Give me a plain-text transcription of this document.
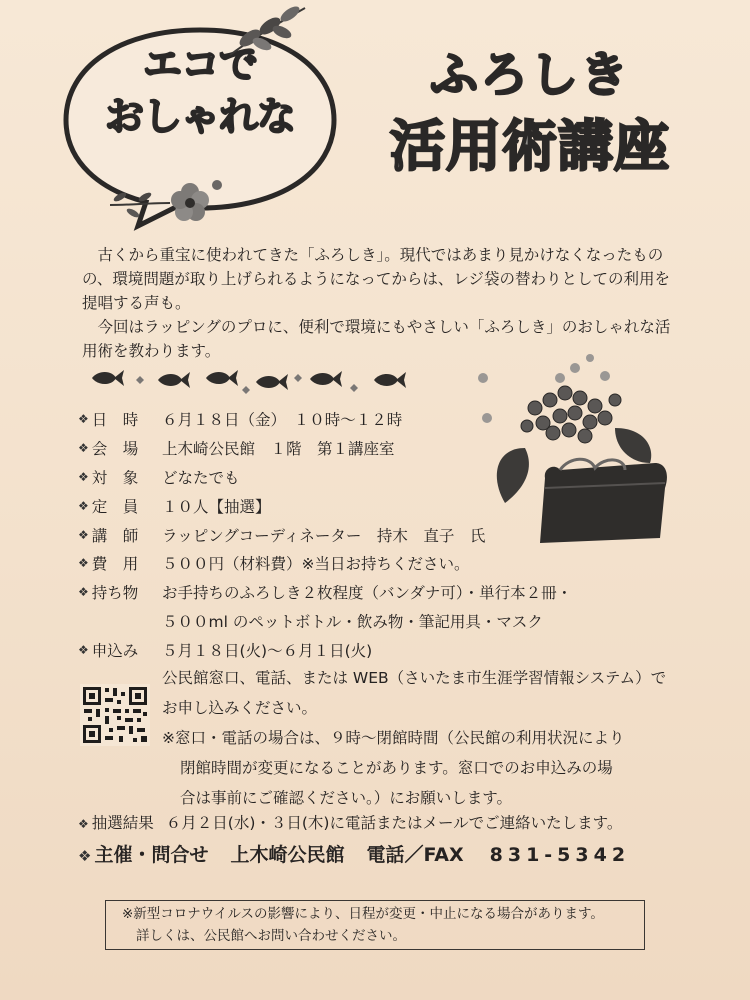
エコで
おしゃれな
ふろしき
活用術講座

古くから重宝に使われてきた「ふろしき」。現代ではあまり見かけなくなったものの、環境問題が取り上げられるようになってからは、レジ袋の替わりとしての利用を提唱する声も。

今回はラッピングのプロに、便利で環境にもやさしい「ふろしき」のおしゃれな活用術を教わります。

❖ 日　時 ６月１８日（金）　１０時～１２時
❖ 会　場 上木崎公民館　１階　第１講座室
❖ 対　象 どなたでも
❖ 定　員 １０人【抽選】
❖ 講　師 ラッピングコーディネーター　持木　直子　氏
❖ 費　用 ５００円（材料費）※当日お持ちください。
❖ 持ち物 お手持ちのふろしき２枚程度（バンダナ可）・単行本２冊・
５００ml のペットボトル・飲み物・筆記用具・マスク
❖ 申込み ５月１８日(火)～６月１日(火)
公民館窓口、電話、または WEB（さいたま市生涯学習情報システム）で
お申し込みください。
※窓口・電話の場合は、９時～閉館時間（公民館の利用状況により
閉館時間が変更になることがあります。窓口でのお申込みの場
合は事前にご確認ください。）にお願いします。
❖ 抽選結果 ６月２日(水)・３日(木)に電話またはメールでご連絡いたします。
❖ 主催・問合せ 上木崎公民館 電話／FAX 831-5342
※新型コロナウイルスの影響により、日程が変更・中止になる場合があります。
詳しくは、公民館へお問い合わせください。
